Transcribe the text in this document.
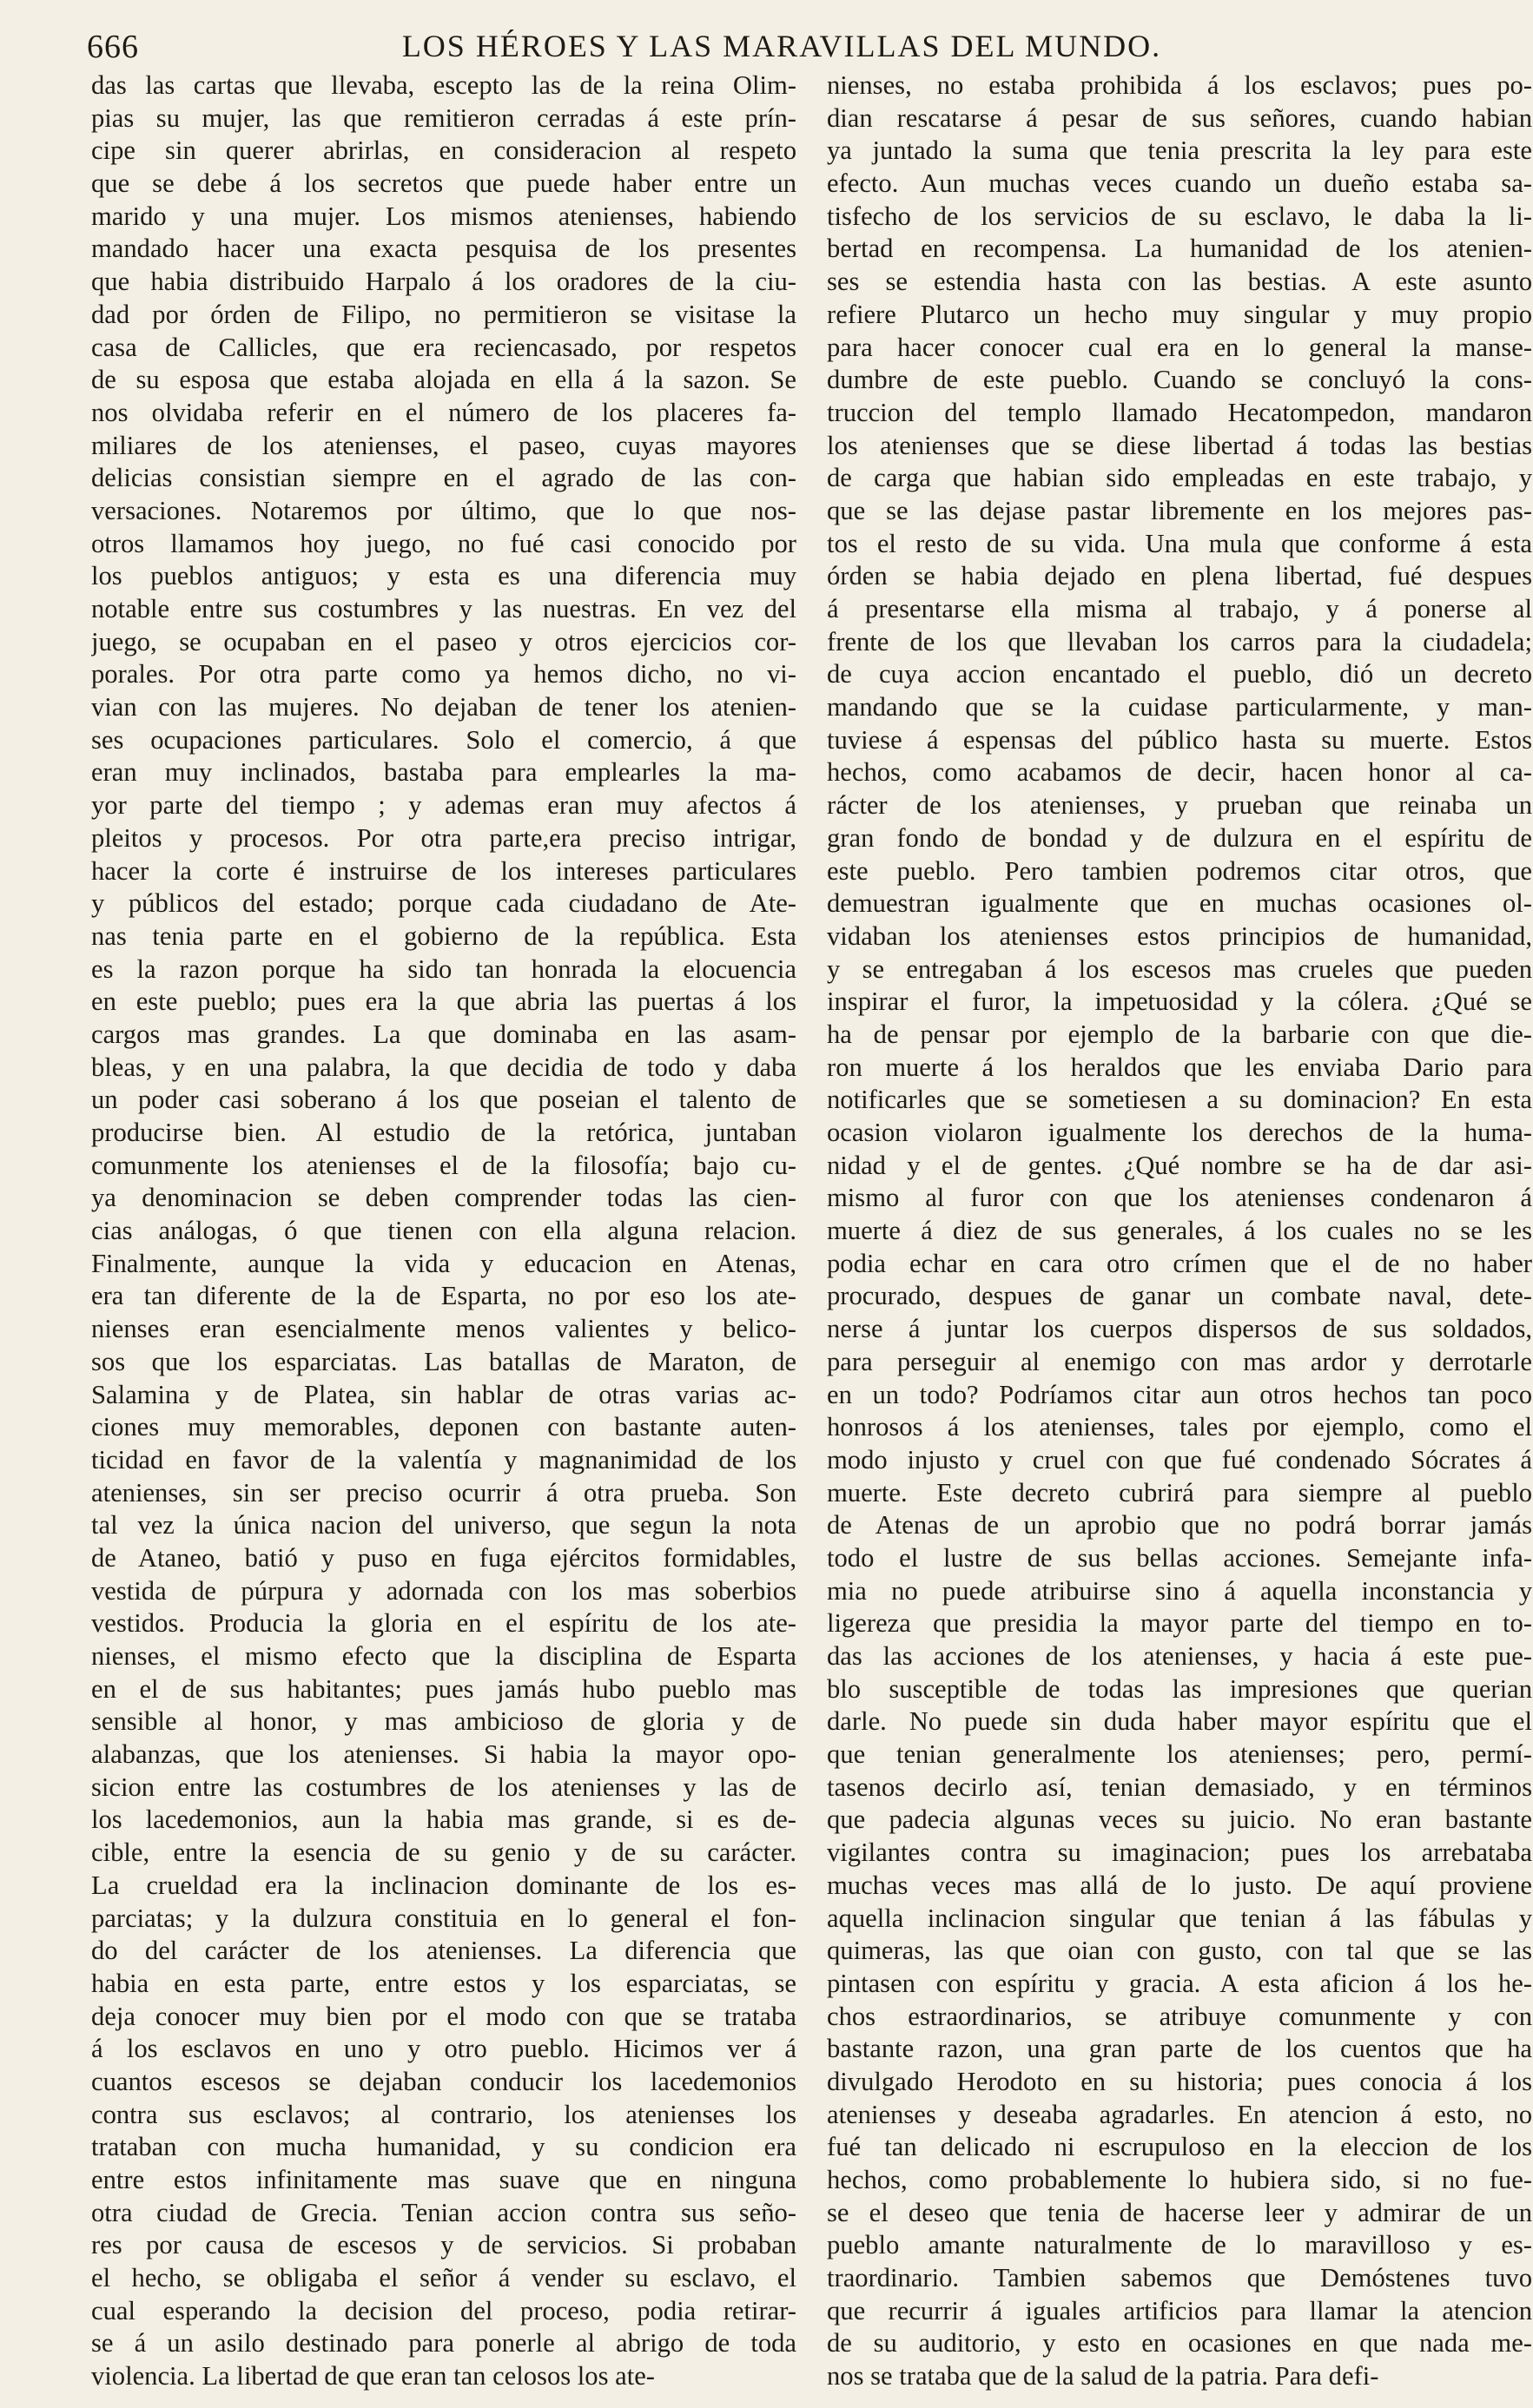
666	LOS HÉROES Y LAS MARAVILLAS DEL MUNDO.
das las cartas que llevaba, escepto las de la reina Olim-
pias su mujer, las que remitieron cerradas á este prín-
cipe sin querer abrirlas, en consideracion al respeto
que se debe á los secretos que puede haber entre un
marido y una mujer. Los mismos atenienses, habiendo
mandado hacer una exacta pesquisa de los presentes
que habia distribuido Harpalo á los oradores de la ciu-
dad por órden de Filipo, no permitieron se visitase la
casa de Callicles, que era reciencasado, por respetos
de su esposa que estaba alojada en ella á la sazon. Se
nos olvidaba referir en el número de los placeres fa-
miliares de los atenienses, el paseo, cuyas mayores
delicias consistian siempre en el agrado de las con-
versaciones. Notaremos por último, que lo que nos-
otros llamamos hoy juego, no fué casi conocido por
los pueblos antiguos; y esta es una diferencia muy
notable entre sus costumbres y las nuestras. En vez del
juego, se ocupaban en el paseo y otros ejercicios cor-
porales. Por otra parte como ya hemos dicho, no vi-
vian con las mujeres. No dejaban de tener los atenien-
ses ocupaciones particulares. Solo el comercio, á que
eran muy inclinados, bastaba para emplearles la ma-
yor parte del tiempo ; y ademas eran muy afectos á
pleitos y procesos. Por otra parte,era preciso intrigar,
hacer la corte é instruirse de los intereses particulares
y públicos del estado; porque cada ciudadano de Ate-
nas tenia parte en el gobierno de la república. Esta
es la razon porque ha sido tan honrada la elocuencia
en este pueblo; pues era la que abria las puertas á los
cargos mas grandes. La que dominaba en las asam-
bleas, y en una palabra, la que decidia de todo y daba
un poder casi soberano á los que poseian el talento de
producirse bien. Al estudio de la retórica, juntaban
comunmente los atenienses el de la filosofía; bajo cu-
ya denominacion se deben comprender todas las cien-
cias análogas, ó que tienen con ella alguna relacion.
Finalmente, aunque la vida y educacion en Atenas,
era tan diferente de la de Esparta, no por eso los ate-
nienses eran esencialmente menos valientes y belico-
sos que los esparciatas. Las batallas de Maraton, de
Salamina y de Platea, sin hablar de otras varias ac-
ciones muy memorables, deponen con bastante auten-
ticidad en favor de la valentía y magnanimidad de los
atenienses, sin ser preciso ocurrir á otra prueba. Son
tal vez la única nacion del universo, que segun la nota
de Ataneo, batió y puso en fuga ejércitos formidables,
vestida de púrpura y adornada con los mas soberbios
vestidos. Producia la gloria en el espíritu de los ate-
nienses, el mismo efecto que la disciplina de Esparta
en el de sus habitantes; pues jamás hubo pueblo mas
sensible al honor, y mas ambicioso de gloria y de
alabanzas, que los atenienses. Si habia la mayor opo-
sicion entre las costumbres de los atenienses y las de
los lacedemonios, aun la habia mas grande, si es de-
cible, entre la esencia de su genio y de su carácter.
La crueldad era la inclinacion dominante de los es-
parciatas; y la dulzura constituia en lo general el fon-
do del carácter de los atenienses. La diferencia que
habia en esta parte, entre estos y los esparciatas, se
deja conocer muy bien por el modo con que se trataba
á los esclavos en uno y otro pueblo. Hicimos ver á
cuantos escesos se dejaban conducir los lacedemonios
contra sus esclavos; al contrario, los atenienses los
trataban con mucha humanidad, y su condicion era
entre estos infinitamente mas suave que en ninguna
otra ciudad de Grecia. Tenian accion contra sus seño-
res por causa de escesos y de servicios. Si probaban
el hecho, se obligaba el señor á vender su esclavo, el
cual esperando la decision del proceso, podia retirar-
se á un asilo destinado para ponerle al abrigo de toda
violencia. La libertad de que eran tan celosos los ate-
nienses, no estaba prohibida á los esclavos; pues po-
dian rescatarse á pesar de sus señores, cuando habian
ya juntado la suma que tenia prescrita la ley para este
efecto. Aun muchas veces cuando un dueño estaba sa-
tisfecho de los servicios de su esclavo, le daba la li-
bertad en recompensa. La humanidad de los atenien-
ses se estendia hasta con las bestias. A este asunto
refiere Plutarco un hecho muy singular y muy propio
para hacer conocer cual era en lo general la manse-
dumbre de este pueblo. Cuando se concluyó la cons-
truccion del templo llamado Hecatompedon, mandaron
los atenienses que se diese libertad á todas las bestias
de carga que habian sido empleadas en este trabajo, y
que se las dejase pastar libremente en los mejores pas-
tos el resto de su vida. Una mula que conforme á esta
órden se habia dejado en plena libertad, fué despues
á presentarse ella misma al trabajo, y á ponerse al
frente de los que llevaban los carros para la ciudadela;
de cuya accion encantado el pueblo, dió un decreto
mandando que se la cuidase particularmente, y man-
tuviese á espensas del público hasta su muerte. Estos
hechos, como acabamos de decir, hacen honor al ca-
rácter de los atenienses, y prueban que reinaba un
gran fondo de bondad y de dulzura en el espíritu de
este pueblo. Pero tambien podremos citar otros, que
demuestran igualmente que en muchas ocasiones ol-
vidaban los atenienses estos principios de humanidad,
y se entregaban á los escesos mas crueles que pueden
inspirar el furor, la impetuosidad y la cólera. ¿Qué se
ha de pensar por ejemplo de la barbarie con que die-
ron muerte á los heraldos que les enviaba Dario para
notificarles que se sometiesen a su dominacion? En esta
ocasion violaron igualmente los derechos de la huma-
nidad y el de gentes. ¿Qué nombre se ha de dar asi-
mismo al furor con que los atenienses condenaron á
muerte á diez de sus generales, á los cuales no se les
podia echar en cara otro crímen que el de no haber
procurado, despues de ganar un combate naval, dete-
nerse á juntar los cuerpos dispersos de sus soldados,
para perseguir al enemigo con mas ardor y derrotarle
en un todo? Podríamos citar aun otros hechos tan poco
honrosos á los atenienses, tales por ejemplo, como el
modo injusto y cruel con que fué condenado Sócrates á
muerte. Este decreto cubrirá para siempre al pueblo
de Atenas de un aprobio que no podrá borrar jamás
todo el lustre de sus bellas acciones. Semejante infa-
mia no puede atribuirse sino á aquella inconstancia y
ligereza que presidia la mayor parte del tiempo en to-
das las acciones de los atenienses, y hacia á este pue-
blo susceptible de todas las impresiones que querian
darle. No puede sin duda haber mayor espíritu que el
que tenian generalmente los atenienses; pero, permí-
tasenos decirlo así, tenian demasiado, y en términos
que padecia algunas veces su juicio. No eran bastante
vigilantes contra su imaginacion; pues los arrebataba
muchas veces mas allá de lo justo. De aquí proviene
aquella inclinacion singular que tenian á las fábulas y
quimeras, las que oian con gusto, con tal que se las
pintasen con espíritu y gracia. A esta aficion á los he-
chos estraordinarios, se atribuye comunmente y con
bastante razon, una gran parte de los cuentos que ha
divulgado Herodoto en su historia; pues conocia á los
atenienses y deseaba agradarles. En atencion á esto, no
fué tan delicado ni escrupuloso en la eleccion de los
hechos, como probablemente lo hubiera sido, si no fue-
se el deseo que tenia de hacerse leer y admirar de un
pueblo amante naturalmente de lo maravilloso y es-
traordinario. Tambien sabemos que Demóstenes tuvo
que recurrir á iguales artificios para llamar la atencion
de su auditorio, y esto en ocasiones en que nada me-
nos se trataba que de la salud de la patria. Para defi-
